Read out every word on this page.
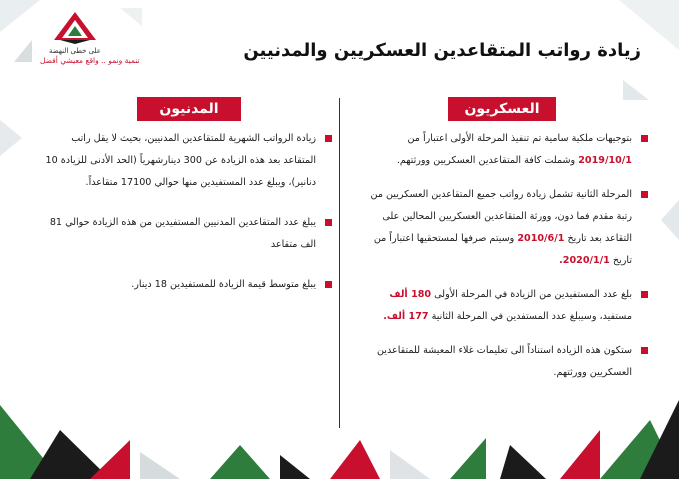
على خطى النهضة
تنمية ونمو .. واقع معيشي أفضل	زيادة رواتب المتقاعدين العسكريين والمدنيين
العسكريون
المدنيون
بتوجيهات ملكية سامية تم تنفيذ المرحلة الأولى اعتباراً من 2019/10/1 وشملت كافة المتقاعدين العسكريين وورثتهم.
المرحلة الثانية تشمل زيادة رواتب جميع المتقاعدين العسكريين من رتبة مقدم فما دون، وورثة المتقاعدين العسكريين المحالين على التقاعد بعد تاريخ 2010/6/1 وسيتم صرفها لمستحقيها اعتباراً من تاريخ 2020/1/1.
بلغ عدد المستفيدين من الزيادة في المرحلة الأولى 180 ألف مستفيد، وسيبلغ عدد المستفدين في المرحلة الثانية 177 ألف.
ستكون هذه الزيادة استناداً الى تعليمات غلاء المعيشة للمتقاعدين العسكريين وورثتهم.
زيادة الرواتب الشهرية للمتقاعدين المدنيين، بحيث لا يقل راتب المتقاعد بعد هذه الزيادة عن 300 دينارشهرياً (الحد الأدنى للزيادة 10 دنانير)، ويبلغ عدد المستفيدين منها حوالي 17100 متقاعداً.
يبلغ عدد المتقاعدين المدنيين المستفيدين من هذه الزيادة حوالي 81 الف متقاعد
يبلغ متوسط قيمة الزيادة للمستفيدين 18 دينار.
